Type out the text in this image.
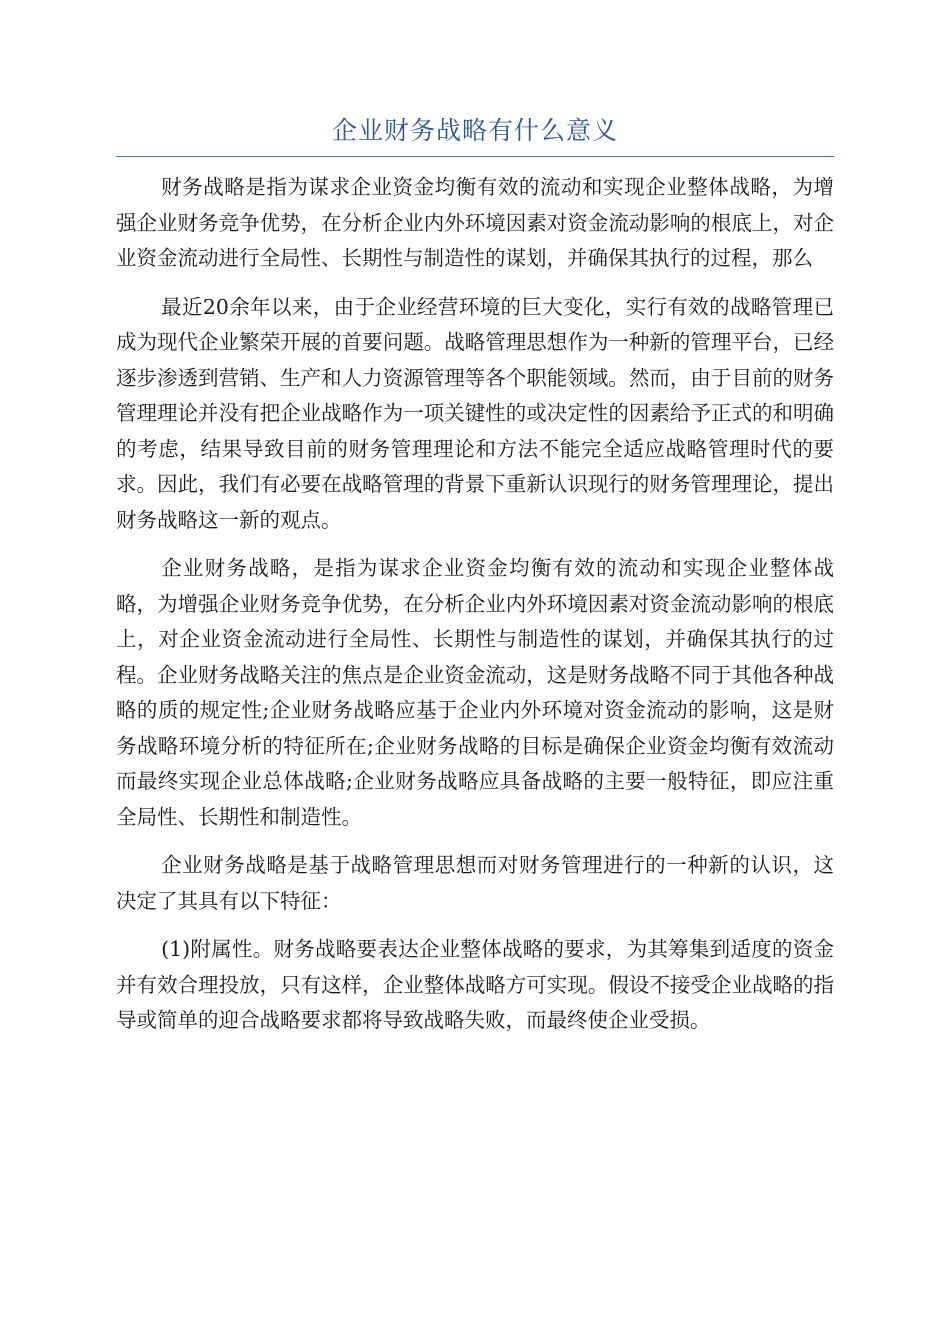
企业财务战略有什么意义

财务战略是指为谋求企业资金均衡有效的流动和实现企业整体战略，为增强企业财务竞争优势，在分析企业内外环境因素对资金流动影响的根底上，对企业资金流动进行全局性、长期性与制造性的谋划，并确保其执行的过程，那么

最近20余年以来，由于企业经营环境的巨大变化，实行有效的战略管理已成为现代企业繁荣开展的首要问题。战略管理思想作为一种新的管理平台，已经逐步渗透到营销、生产和人力资源管理等各个职能领域。然而，由于目前的财务管理理论并没有把企业战略作为一项关键性的或决定性的因素给予正式的和明确的考虑，结果导致目前的财务管理理论和方法不能完全适应战略管理时代的要求。因此，我们有必要在战略管理的背景下重新认识现行的财务管理理论，提出财务战略这一新的观点。

企业财务战略，是指为谋求企业资金均衡有效的流动和实现企业整体战略，为增强企业财务竞争优势，在分析企业内外环境因素对资金流动影响的根底上，对企业资金流动进行全局性、长期性与制造性的谋划，并确保其执行的过程。企业财务战略关注的焦点是企业资金流动，这是财务战略不同于其他各种战略的质的规定性;企业财务战略应基于企业内外环境对资金流动的影响，这是财务战略环境分析的特征所在;企业财务战略的目标是确保企业资金均衡有效流动而最终实现企业总体战略;企业财务战略应具备战略的主要一般特征，即应注重全局性、长期性和制造性。

企业财务战略是基于战略管理思想而对财务管理进行的一种新的认识，这决定了其具有以下特征：

(1)附属性。财务战略要表达企业整体战略的要求，为其筹集到适度的资金并有效合理投放，只有这样，企业整体战略方可实现。假设不接受企业战略的指导或简单的迎合战略要求都将导致战略失败，而最终使企业受损。
